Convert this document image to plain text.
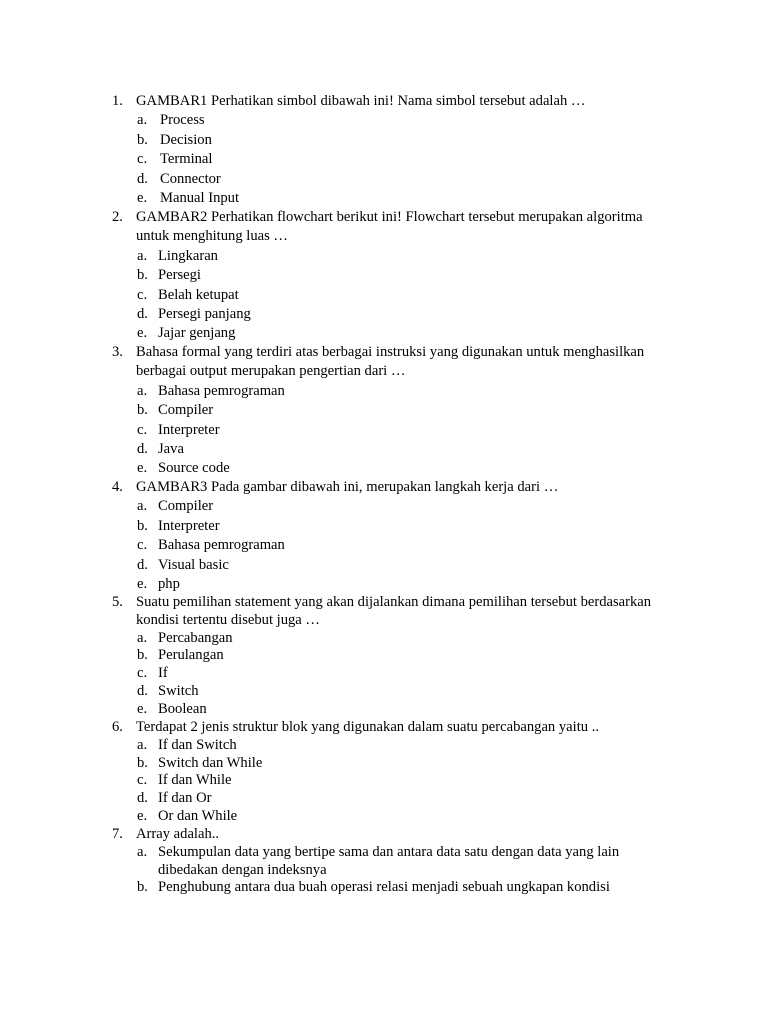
1. GAMBAR1 Perhatikan simbol dibawah ini! Nama simbol tersebut adalah …
a. Process
b. Decision
c. Terminal
d. Connector
e. Manual Input
2. GAMBAR2 Perhatikan flowchart berikut ini! Flowchart tersebut merupakan algoritma
untuk menghitung luas …
a. Lingkaran
b. Persegi
c. Belah ketupat
d. Persegi panjang
e. Jajar genjang
3. Bahasa formal yang terdiri atas berbagai instruksi yang digunakan untuk menghasilkan
berbagai output merupakan pengertian dari …
a. Bahasa pemrograman
b. Compiler
c. Interpreter
d. Java
e. Source code
4. GAMBAR3 Pada gambar dibawah ini, merupakan langkah kerja dari …
a. Compiler
b. Interpreter
c. Bahasa pemrograman
d. Visual basic
e. php
5. Suatu pemilihan statement yang akan dijalankan dimana pemilihan tersebut berdasarkan
kondisi tertentu disebut juga …
a. Percabangan
b. Perulangan
c. If
d. Switch
e. Boolean
6. Terdapat 2 jenis struktur blok yang digunakan dalam suatu percabangan yaitu ..
a. If dan Switch
b. Switch dan While
c. If dan While
d. If dan Or
e. Or dan While
7. Array adalah..
a. Sekumpulan data yang bertipe sama dan antara data satu dengan data yang lain
dibedakan dengan indeksnya
b. Penghubung antara dua buah operasi relasi menjadi sebuah ungkapan kondisi
